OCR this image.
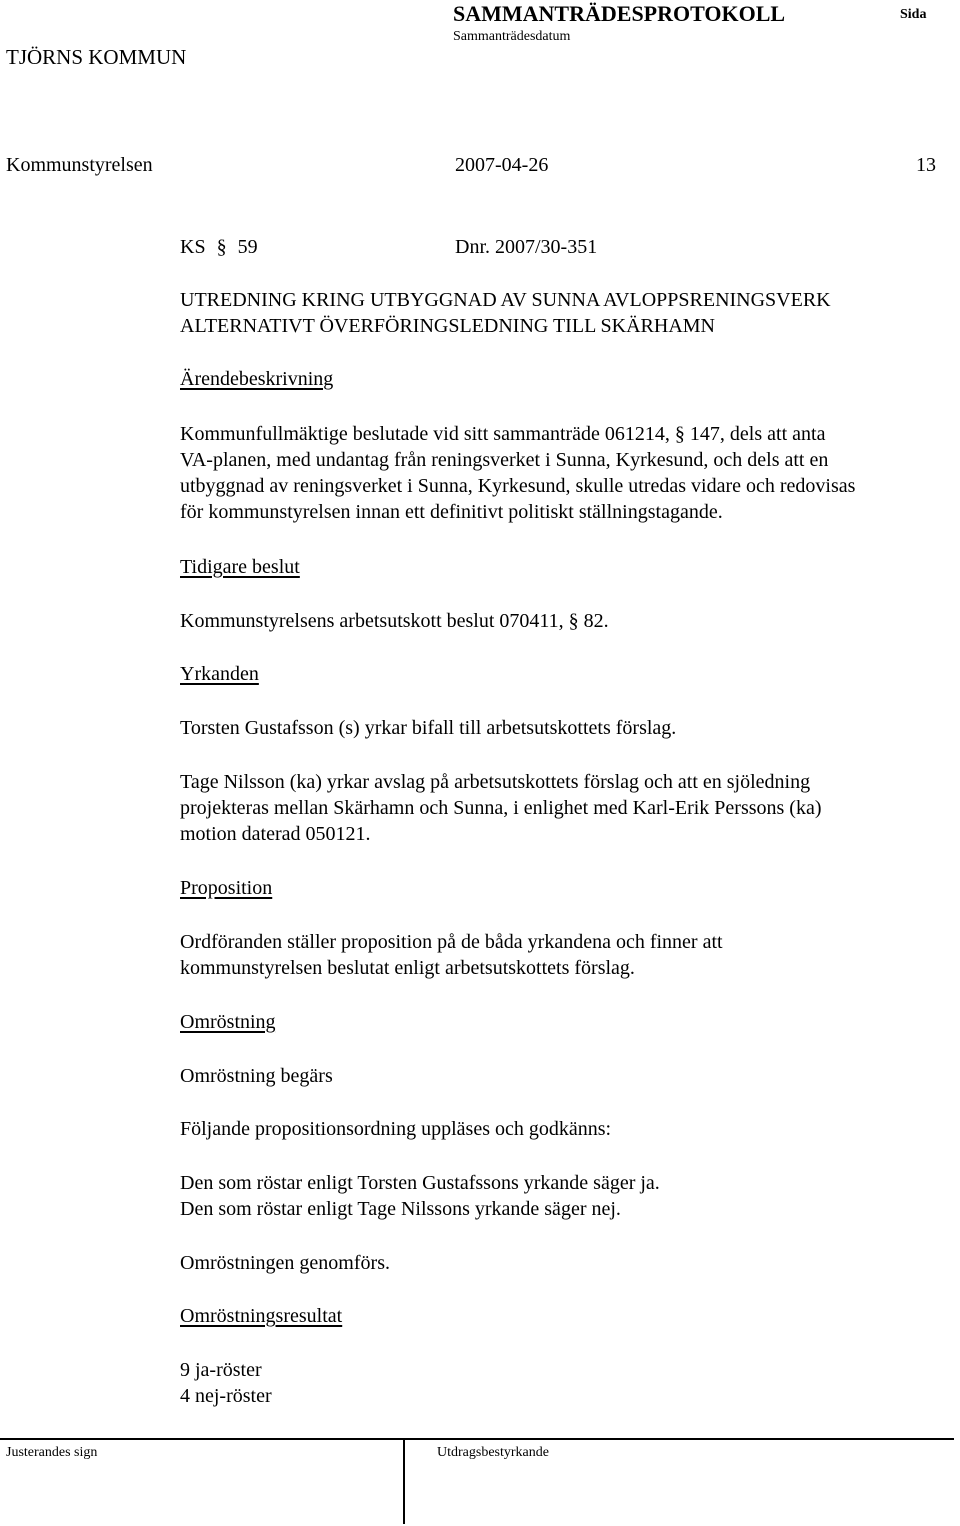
TJÖRNS KOMMUN
SAMMANTRÄDESPROTOKOLL	Sida
Sammanträdesdatum
Kommunstyrelsen	2007-04-26	13
KS § 59	Dnr. 2007/30-351
UTREDNING KRING UTBYGGNAD AV SUNNA AVLOPPSRENINGSVERK
ALTERNATIVT ÖVERFÖRINGSLEDNING TILL SKÄRHAMN
Ärendebeskrivning
Kommunfullmäktige beslutade vid sitt sammanträde 061214, § 147, dels att anta
VA-planen, med undantag från reningsverket i Sunna, Kyrkesund, och dels att en
utbyggnad av reningsverket i Sunna, Kyrkesund, skulle utredas vidare och redovisas
för kommunstyrelsen innan ett definitivt politiskt ställningstagande.
Tidigare beslut
Kommunstyrelsens arbetsutskott beslut 070411, § 82.
Yrkanden
Torsten Gustafsson (s) yrkar bifall till arbetsutskottets förslag.
Tage Nilsson (ka) yrkar avslag på arbetsutskottets förslag och att en sjöledning
projekteras mellan Skärhamn och Sunna, i enlighet med Karl-Erik Perssons (ka)
motion daterad 050121.
Proposition
Ordföranden ställer proposition på de båda yrkandena och finner att
kommunstyrelsen beslutat enligt arbetsutskottets förslag.
Omröstning
Omröstning begärs
Följande propositionsordning uppläses och godkänns:
Den som röstar enligt Torsten Gustafssons yrkande säger ja.
Den som röstar enligt Tage Nilssons yrkande säger nej.
Omröstningen genomförs.
Omröstningsresultat
9 ja-röster
4 nej-röster
Justerandes sign	Utdragsbestyrkande
